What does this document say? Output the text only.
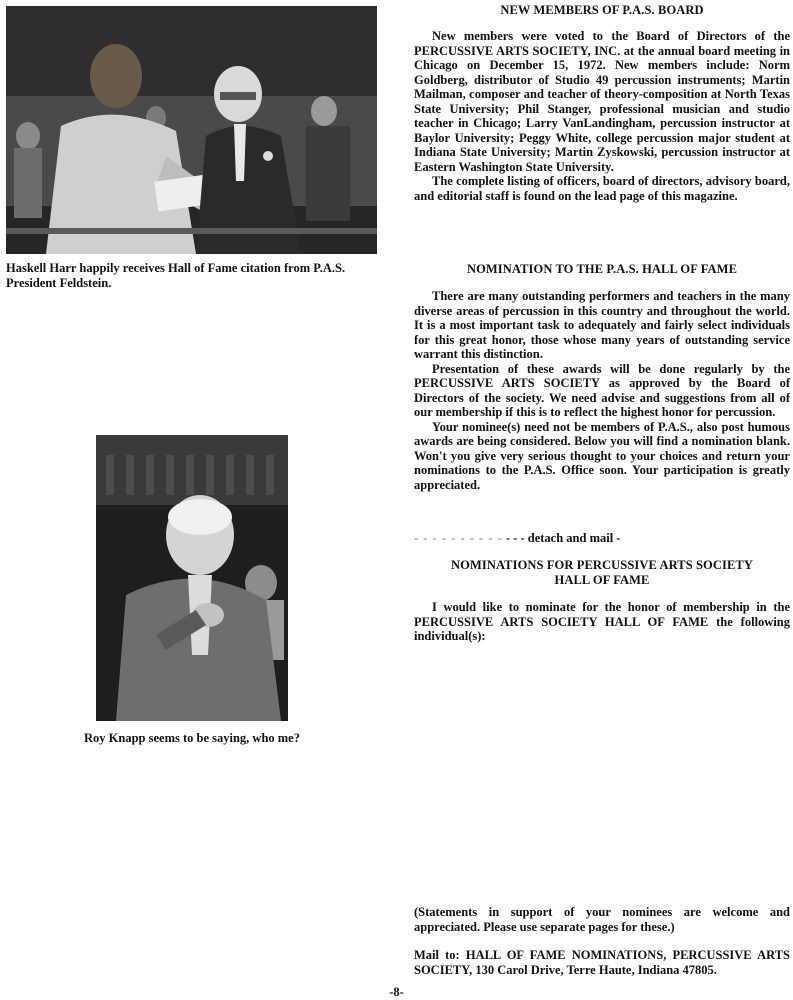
Haskell Harr happily receives Hall of Fame citation from P.A.S. President Feldstein.
Roy Knapp seems to be saying, who me?
NEW MEMBERS OF P.A.S. BOARD

New members were voted to the Board of Directors of the PERCUSSIVE ARTS SOCIETY, INC. at the annual board meeting in Chicago on December 15, 1972. New members include: Norm Goldberg, distributor of Studio 49 percussion instruments; Martin Mailman, composer and teacher of theory-composition at North Texas State University; Phil Stanger, professional musician and studio teacher in Chicago; Larry VanLandingham, percussion instructor at Baylor University; Peggy White, college percussion major student at Indiana State University; Martin Zyskowski, percussion instructor at Eastern Washington State University.

The complete listing of officers, board of directors, advisory board, and editorial staff is found on the lead page of this magazine.

NOMINATION TO THE P.A.S. HALL OF FAME

There are many outstanding performers and teachers in the many diverse areas of percussion in this country and throughout the world. It is a most important task to adequately and fairly select individuals for this great honor, those whose many years of outstanding service warrant this distinction.

Presentation of these awards will be done regularly by the PERCUSSIVE ARTS SOCIETY as approved by the Board of Directors of the society. We need advise and suggestions from all of our membership if this is to reflect the highest honor for percussion.

Your nominee(s) need not be members of P.A.S., also post humous awards are being considered. Below you will find a nomination blank. Won't you give very serious thought to your choices and return your nominations to the P.A.S. Office soon. Your participation is greatly appreciated.

- - - - - - - - - - - - - detach and mail -
NOMINATIONS FOR PERCUSSIVE ARTS SOCIETY
HALL OF FAME

I would like to nominate for the honor of membership in the PERCUSSIVE ARTS SOCIETY HALL OF FAME the following individual(s):

(Statements in support of your nominees are welcome and appreciated. Please use separate pages for these.)

Mail to: HALL OF FAME NOMINATIONS, PERCUSSIVE ARTS SOCIETY, 130 Carol Drive, Terre Haute, Indiana 47805.

-8-
